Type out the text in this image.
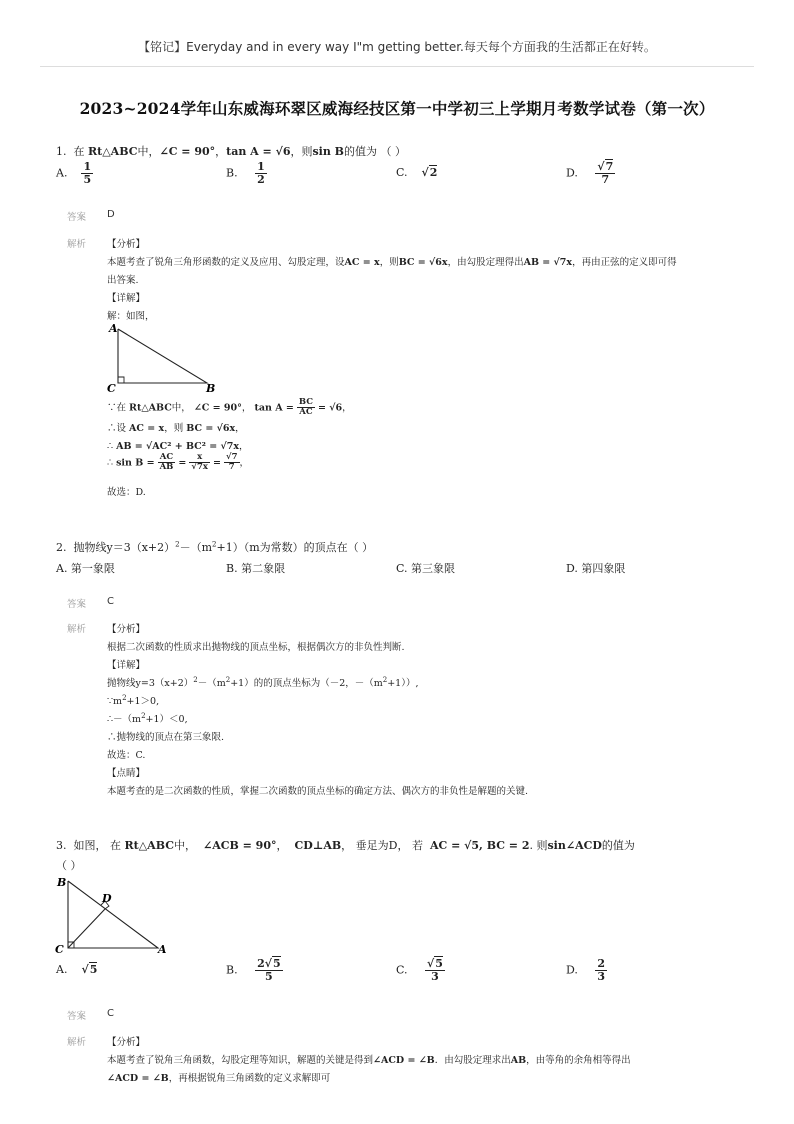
【铭记】Everyday and in every way I"m getting better.每天每个方面我的生活都正在好转。
2023~2024学年山东威海环翠区威海经技区第一中学初三上学期月考数学试卷（第一次）
1. 在 Rt△ABC中，∠C = 90°，tan A = √6，则sin B的值为 （ ）
A. $\frac{1}{5}$	B. $\frac{1}{2}$	C. √2	D. $\frac{√7}{7}$
答案 D
解析 【分析】
本题考查了锐角三角形函数的定义及应用、勾股定理，设AC = x，则BC = √6x，由勾股定理得出AB = √7x，再由正弦的定义即可得
出答案.
【详解】
解：如图，
A
C	B
∵在 Rt△ABC中， ∠C = 90°， $\tan A = \frac{BC}{AC} = √6$，
∴设 AC = x，则 BC = √6x，
∴ AB = √AC² + BC² = √7x，
∴ $\sin B = \frac{AC}{AB} = \frac{x}{√7x} = \frac{√7}{7}$ ，
故选：D.
2. 抛物线$y=3(x+2)^2-(m^2+1)(m$为常数）的顶点在（ ）
A. 第一象限	B. 第二象限	C. 第三象限	D. 第四象限
答案 C
解析 【分析】
根据二次函数的性质求出抛物线的顶点坐标，根据偶次方的非负性判断.
【详解】
抛物线$y=3(x+2)^2-(m^2+1)$的的顶点坐标为（－2，$-(m^2+1)$）,
$\because m^2+1>0$,
$\therefore-(m^2+1)<0$,
∴抛物线的顶点在第三象限.
故选：C.
【点睛】
本题考查的是二次函数的性质，掌握二次函数的顶点坐标的确定方法、偶次方的非负性是解题的关键.
3. 如图， 在 Rt△ABC中， ∠ACB = 90°， CD⊥AB， 垂足为D， 若 AC = √5, BC = 2. 则sin∠ACD的值为
（ ）
B
D
C	A
A. √5	B. $\frac{2√5}{5}$	C. $\frac{√5}{3}$	D. $\frac{2}{3}$
答案 C
解析 【分析】
本题考查了锐角三角函数，勾股定理等知识，解题的关键是得到∠ACD = ∠B．由勾股定理求出AB，由等角的余角相等得出
∠ACD = ∠B，再根据锐角三角函数的定义求解即可
